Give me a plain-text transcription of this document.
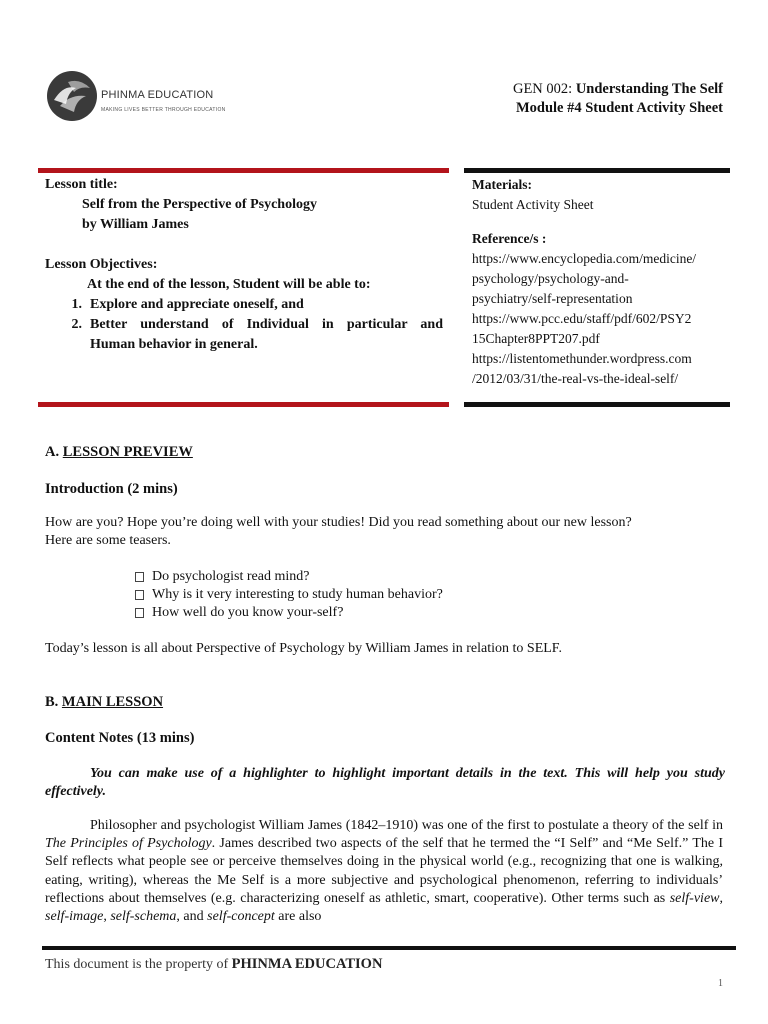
PHINMA EDUCATION
MAKING LIVES BETTER THROUGH EDUCATION
GEN 002: Understanding The Self
Module #4 Student Activity Sheet
Lesson title:
Self from the Perspective of Psychology
by William James
Lesson Objectives:
At the end of the lesson, Student will be able to:
1. Explore and appreciate oneself, and
2. Better understand of Individual in particular and
Human behavior in general.
Materials:
Student Activity Sheet
Reference/s :
https://www.encyclopedia.com/medicine/
psychology/psychology-and-
psychiatry/self-representation
https://www.pcc.edu/staff/pdf/602/PSY2
15Chapter8PPT207.pdf
https://listentomethunder.wordpress.com
/2012/03/31/the-real-vs-the-ideal-self/
A. LESSON PREVIEW
Introduction (2 mins)
How are you? Hope you’re doing well with your studies! Did you read something about our new lesson?
Here are some teasers.
Do psychologist read mind?
Why is it very interesting to study human behavior?
How well do you know your-self?
Today’s lesson is all about Perspective of Psychology by William James in relation to SELF.
B. MAIN LESSON
Content Notes (13 mins)
You can make use of a highlighter to highlight important details in the text. This will help you study effectively.
Philosopher and psychologist William James (1842–1910) was one of the first to postulate a theory of the self in The Principles of Psychology. James described two aspects of the self that he termed the “I Self” and “Me Self.” The I Self reflects what people see or perceive themselves doing in the physical world (e.g., recognizing that one is walking, eating, writing), whereas the Me Self is a more subjective and psychological phenomenon, referring to individuals’ reflections about themselves (e.g. characterizing oneself as athletic, smart, cooperative). Other terms such as self-view, self-image, self-schema, and self-concept are also
This document is the property of PHINMA EDUCATION
1
